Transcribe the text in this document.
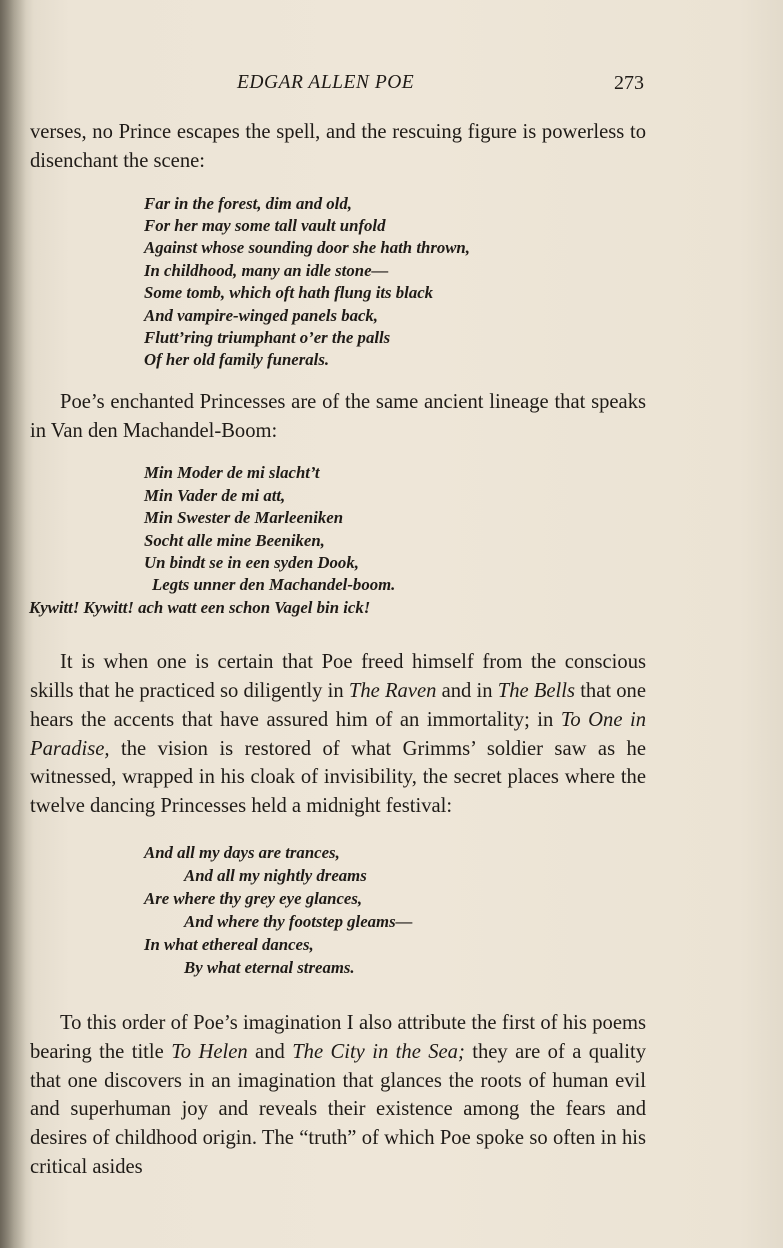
EDGAR ALLEN POE	273

verses, no Prince escapes the spell, and the rescuing figure is powerless to disenchant the scene:

Far in the forest, dim and old,
For her may some tall vault unfold
Against whose sounding door she hath thrown,
In childhood, many an idle stone—
Some tomb, which oft hath flung its black
And vampire-winged panels back,
Flutt’ring triumphant o’er the palls
Of her old family funerals.

Poe’s enchanted Princesses are of the same ancient lineage that speaks in Van den Machandel-Boom:

Min Moder de mi slacht’t
Min Vader de mi att,
Min Swester de Marleeniken
Socht alle mine Beeniken,
Un bindt se in een syden Dook,
Legts unner den Machandel-boom.
Kywitt! Kywitt! ach watt een schon Vagel bin ick!

It is when one is certain that Poe freed himself from the conscious skills that he practiced so diligently in The Raven and in The Bells that one hears the accents that have assured him of an immortality; in To One in Paradise, the vision is restored of what Grimms’ soldier saw as he witnessed, wrapped in his cloak of invisibility, the secret places where the twelve dancing Princesses held a midnight festival:

And all my days are trances,
And all my nightly dreams
Are where thy grey eye glances,
And where thy footstep gleams—
In what ethereal dances,
By what eternal streams.

To this order of Poe’s imagination I also attribute the first of his poems bearing the title To Helen and The City in the Sea; they are of a quality that one discovers in an imagination that glances the roots of human evil and superhuman joy and reveals their existence among the fears and desires of childhood origin. The “truth” of which Poe spoke so often in his critical asides
